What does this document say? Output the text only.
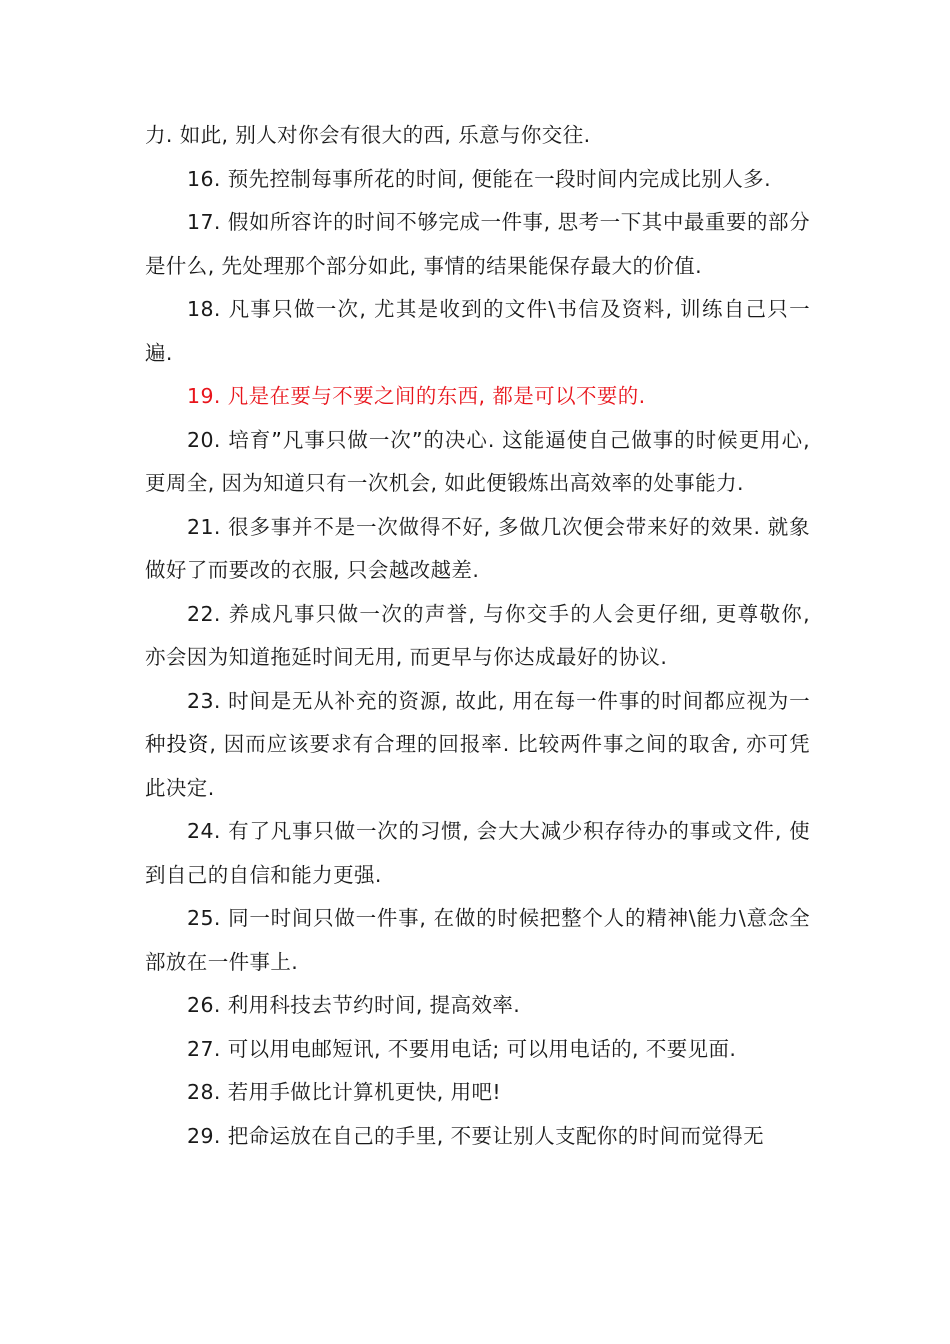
力. 如此, 别人对你会有很大的西, 乐意与你交往.

16. 预先控制每事所花的时间, 便能在一段时间内完成比别人多.

17. 假如所容许的时间不够完成一件事, 思考一下其中最重要的部分是什么, 先处理那个部分如此, 事情的结果能保存最大的价值.

18. 凡事只做一次, 尤其是收到的文件\书信及资料, 训练自己只一遍.

19. 凡是在要与不要之间的东西, 都是可以不要的.

20. 培育”凡事只做一次”的决心. 这能逼使自己做事的时候更用心, 更周全, 因为知道只有一次机会, 如此便锻炼出高效率的处事能力.

21. 很多事并不是一次做得不好, 多做几次便会带来好的效果. 就象做好了而要改的衣服, 只会越改越差.

22. 养成凡事只做一次的声誉, 与你交手的人会更仔细, 更尊敬你, 亦会因为知道拖延时间无用, 而更早与你达成最好的协议.

23. 时间是无从补充的资源, 故此, 用在每一件事的时间都应视为一种投资, 因而应该要求有合理的回报率. 比较两件事之间的取舍, 亦可凭此决定.

24. 有了凡事只做一次的习惯, 会大大减少积存待办的事或文件, 使到自己的自信和能力更强.

25. 同一时间只做一件事, 在做的时候把整个人的精神\能力\意念全部放在一件事上.

26. 利用科技去节约时间, 提高效率.

27. 可以用电邮短讯, 不要用电话; 可以用电话的, 不要见面.

28. 若用手做比计算机更快, 用吧!

29. 把命运放在自己的手里, 不要让别人支配你的时间而觉得无
